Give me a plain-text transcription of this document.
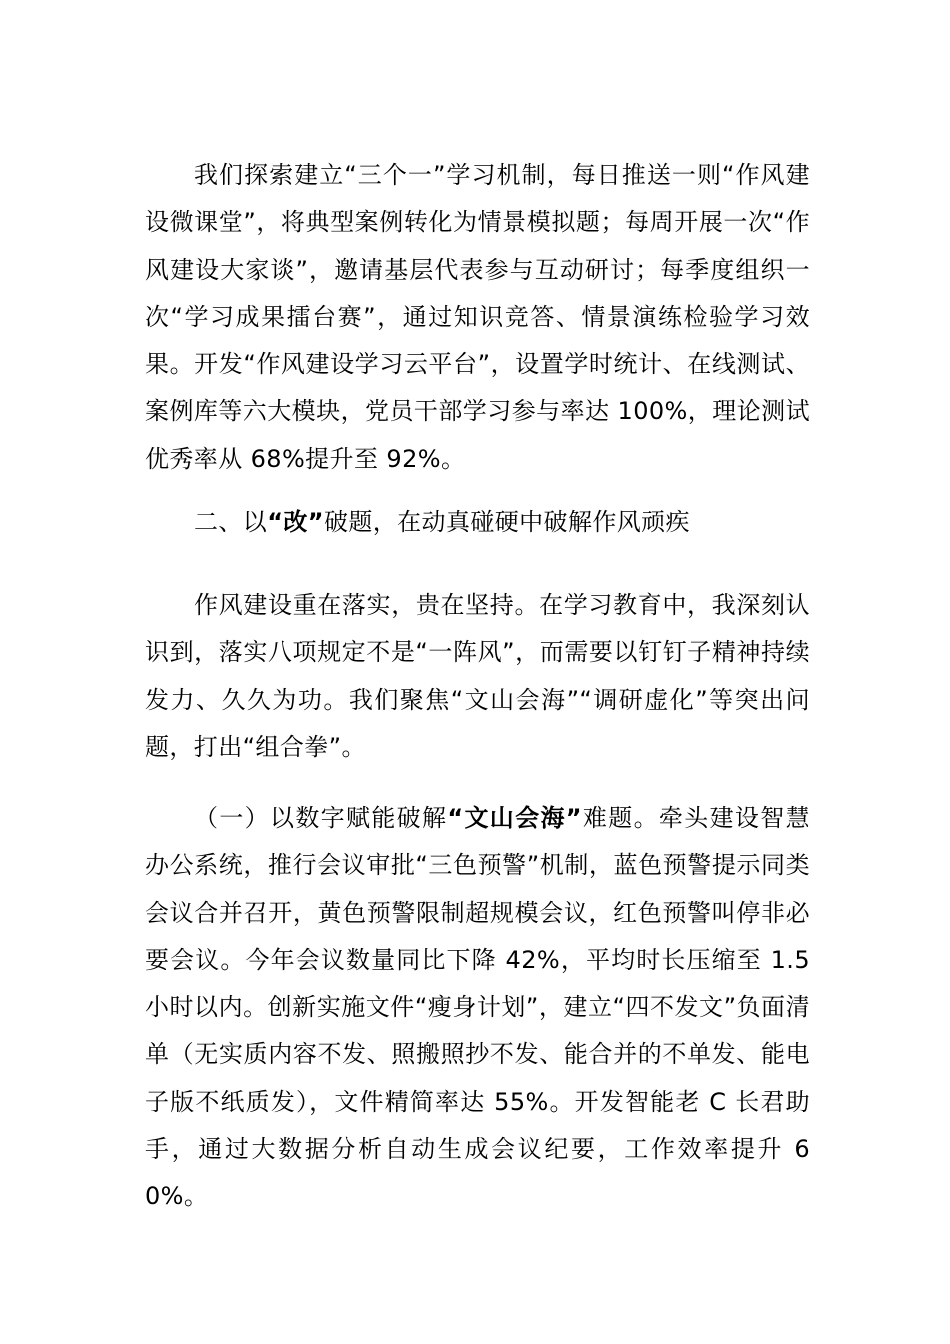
我们探索建立“三个一”学习机制，每日推送一则“作风建设微课堂”，将典型案例转化为情景模拟题；每周开展一次“作风建设大家谈”，邀请基层代表参与互动研讨；每季度组织一次“学习成果擂台赛”，通过知识竞答、情景演练检验学习效果。开发“作风建设学习云平台”，设置学时统计、在线测试、案例库等六大模块，党员干部学习参与率达 100%，理论测试优秀率从 68%提升至 92%。

二、以“改”破题，在动真碰硬中破解作风顽疾

作风建设重在落实，贵在坚持。在学习教育中，我深刻认识到，落实八项规定不是“一阵风”，而需要以钉钉子精神持续发力、久久为功。我们聚焦“文山会海”“调研虚化”等突出问题，打出“组合拳”。

（一）以数字赋能破解“文山会海”难题。牵头建设智慧办公系统，推行会议审批“三色预警”机制，蓝色预警提示同类会议合并召开，黄色预警限制超规模会议，红色预警叫停非必要会议。今年会议数量同比下降 42%，平均时长压缩至 1.5 小时以内。创新实施文件“瘦身计划”，建立“四不发文”负面清单（无实质内容不发、照搬照抄不发、能合并的不单发、能电子版不纸质发），文件精简率达 55%。开发智能老 C 长君助手，通过大数据分析自动生成会议纪要，工作效率提升 60%。
